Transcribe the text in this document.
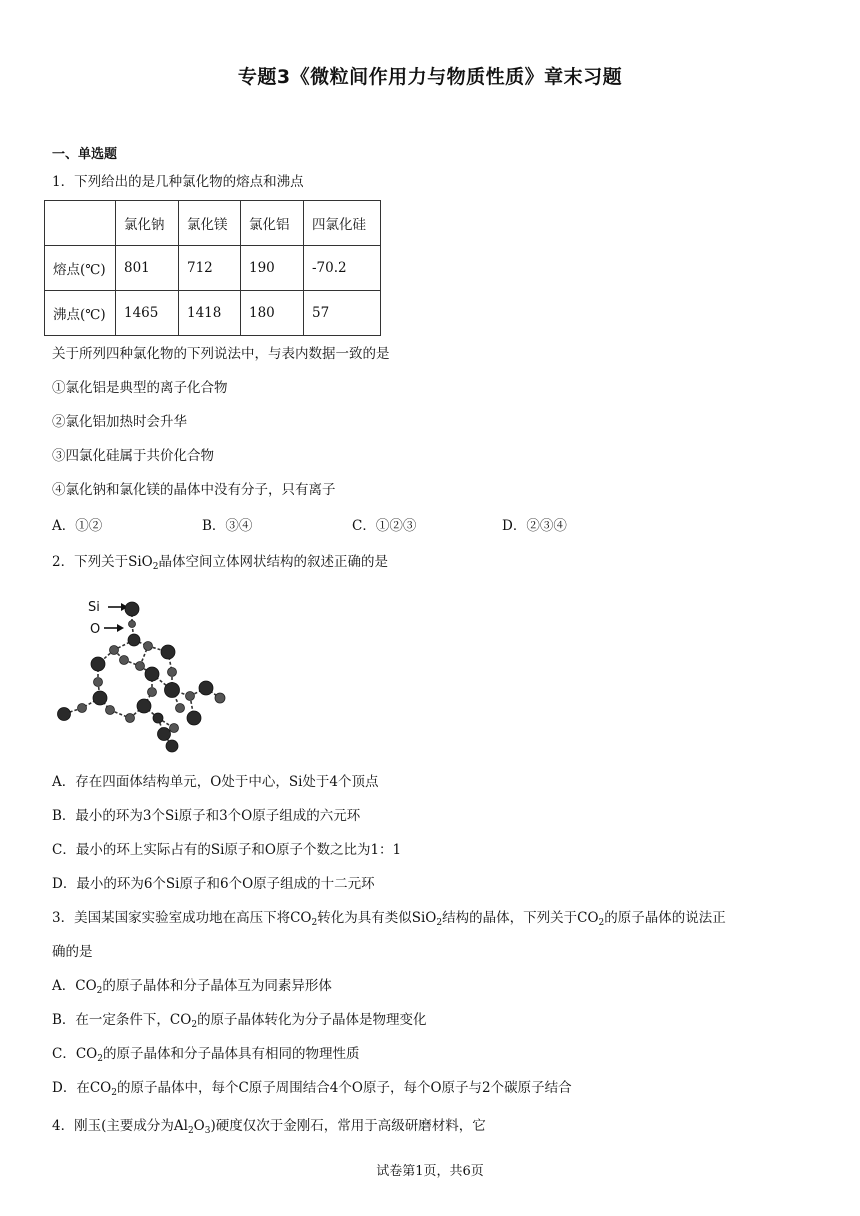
专题3《微粒间作用力与物质性质》章末习题
一、单选题
1．下列给出的是几种氯化物的熔点和沸点
	氯化钠	氯化镁	氯化铝	四氯化硅
熔点(℃)	801	712	190	-70.2
沸点(℃)	1465	1418	180	57
关于所列四种氯化物的下列说法中，与表内数据一致的是
①氯化铝是典型的离子化合物
②氯化铝加热时会升华
③四氯化硅属于共价化合物
④氯化钠和氯化镁的晶体中没有分子，只有离子
A．①②	B．③④	C．①②③	D．②③④
2．下列关于SiO$_2$晶体空间立体网状结构的叙述正确的是
Si
O
A．存在四面体结构单元，O处于中心，Si处于4个顶点
B．最小的环为3个Si原子和3个O原子组成的六元环
C．最小的环上实际占有的Si原子和O原子个数之比为1：1
D．最小的环为6个Si原子和6个O原子组成的十二元环
3．美国某国家实验室成功地在高压下将$CO_2$转化为具有类似SiO$_2$结构的晶体，下列关于$CO_2$的原子晶体的说法正
确的是
A．$CO_2$的原子晶体和分子晶体互为同素异形体
B．在一定条件下，$CO_2$的原子晶体转化为分子晶体是物理变化
C．$CO_2$的原子晶体和分子晶体具有相同的物理性质
D．在$CO_2$的原子晶体中，每个C原子周围结合4个O原子，每个O原子与2个碳原子结合
4．刚玉(主要成分为$Al_2O_3$)硬度仅次于金刚石，常用于高级研磨材料，它
试卷第1页，共6页
